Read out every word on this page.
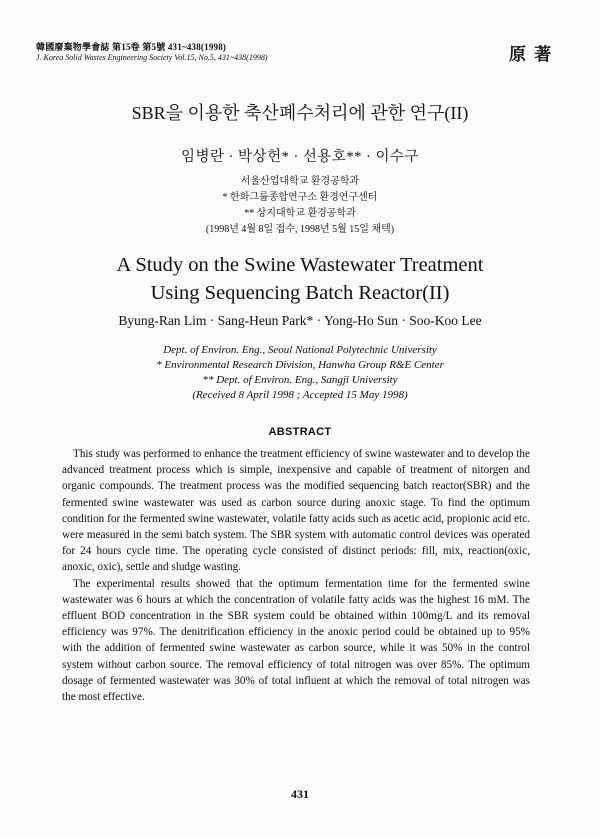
韓國廢棄物學會誌 第15卷 第5號 431~438(1998)
J. Korea Solid Wastes Engineering Society Vol.15, No.5, 431~438(1998)	原 著
SBR을 이용한 축산폐수처리에 관한 연구(II)
임병란 · 박상헌* · 선용호** · 이수구
서울산업대학교 환경공학과
* 한화그룹종합연구소 환경연구센터
** 상지대학교 환경공학과
(1998년 4월 8일 접수, 1998년 5월 15일 채택)
A Study on the Swine Wastewater Treatment
Using Sequencing Batch Reactor(II)
Byung-Ran Lim · Sang-Heun Park* · Yong-Ho Sun · Soo-Koo Lee
Dept. of Environ. Eng., Seoul National Polytechnic University
* Environmental Research Division, Hanwha Group R&E Center
** Dept. of Environ. Eng., Sangji University
(Received 8 April 1998 ; Accepted 15 May 1998)
ABSTRACT

This study was performed to enhance the treatment efficiency of swine wastewater and to develop the advanced treatment process which is simple, inexpensive and capable of treatment of nitorgen and organic compounds. The treatment process was the modified sequencing batch reactor(SBR) and the fermented swine wastewater was used as carbon source during anoxic stage. To find the optimum condition for the fermented swine wastewater, volatile fatty acids such as acetic acid, propionic acid etc. were measured in the semi batch system. The SBR system with automatic control devices was operated for 24 hours cycle time. The operating cycle consisted of distinct periods: fill, mix, reaction(oxic, anoxic, oxic), settle and sludge wasting.

The experimental results showed that the optimum fermentation time for the fermented swine wastewater was 6 hours at which the concentration of volatile fatty acids was the highest 16 mM. The effluent BOD concentration in the SBR system could be obtained within 100mg/L and its removal efficiency was 97%. The denitrification efficiency in the anoxic period could be obtained up to 95% with the addition of fermented swine wastewater as carbon source, while it was 50% in the control system without carbon source. The removal efficiency of total nitrogen was over 85%. The optimum dosage of fermented wastewater was 30% of total influent at which the removal of total nitrogen was the most effective.

431
